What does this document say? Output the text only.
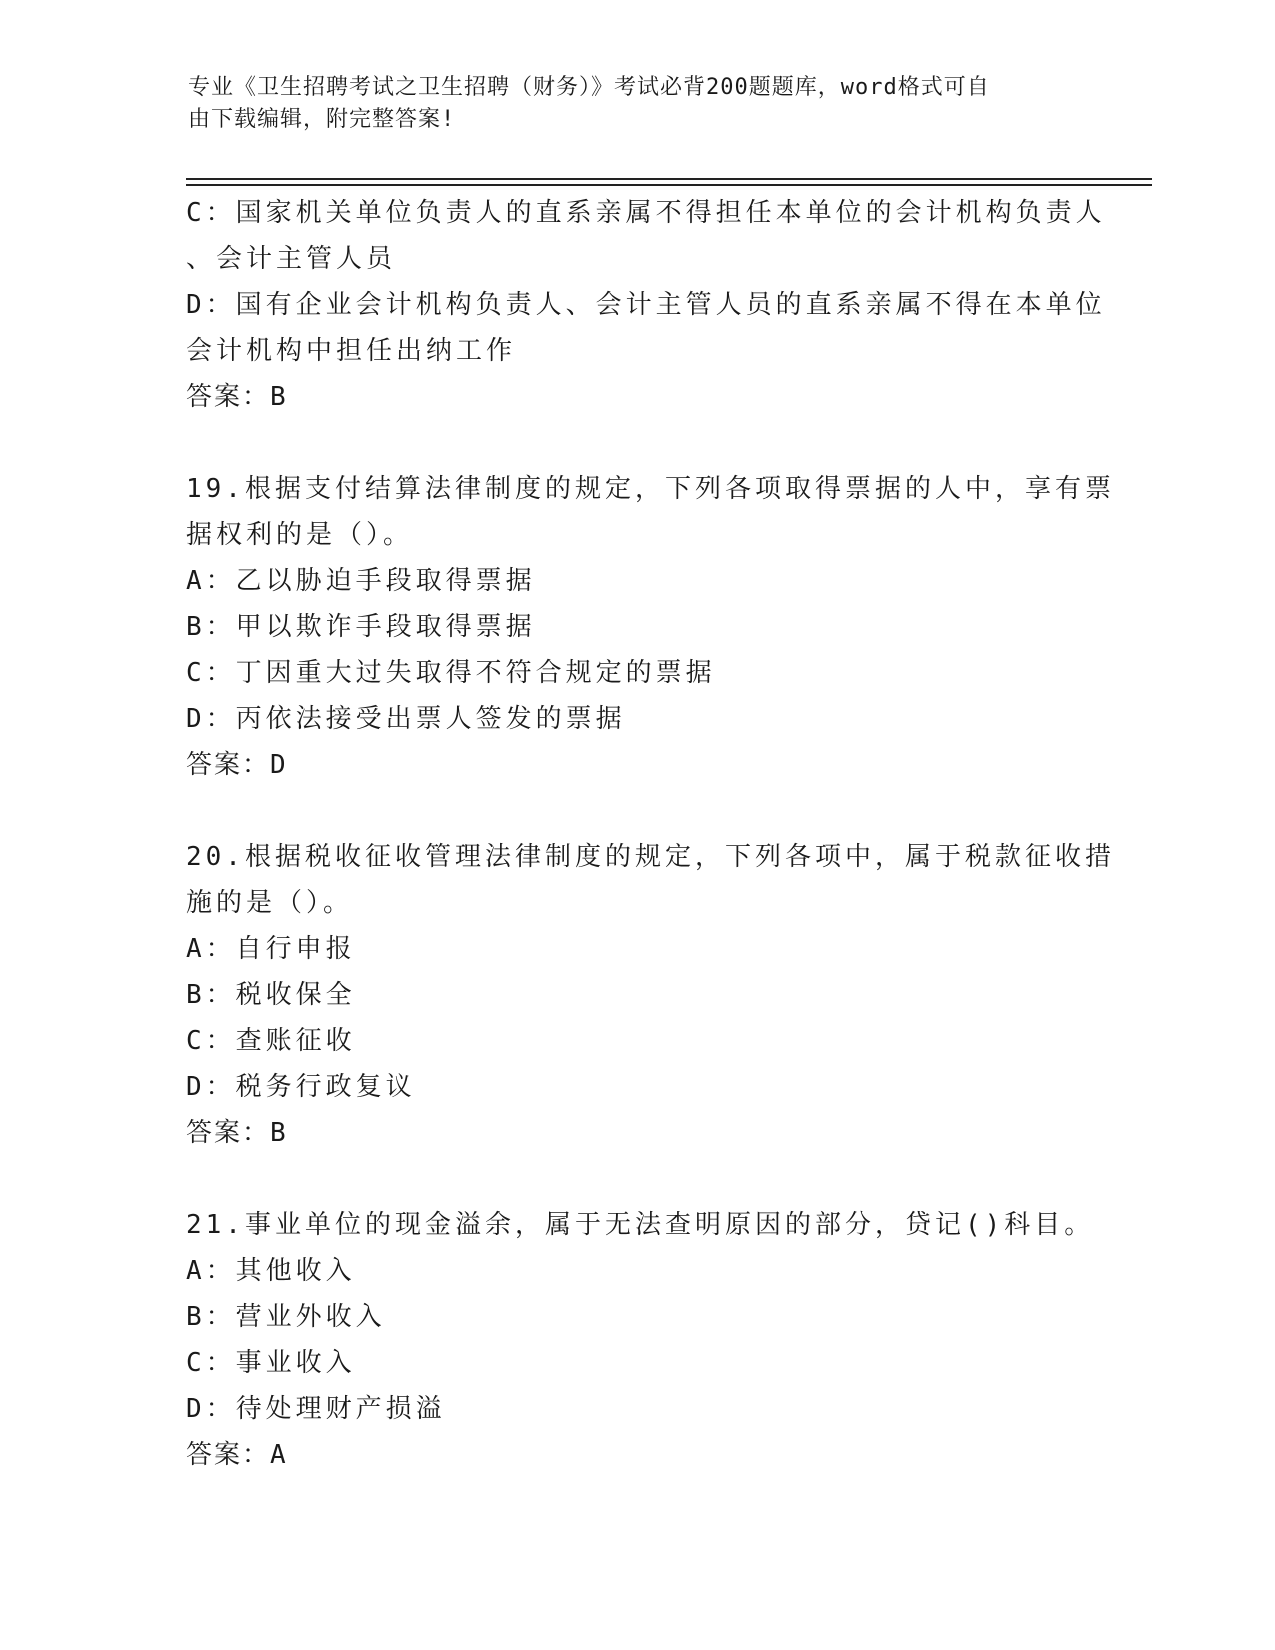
专业《卫生招聘考试之卫生招聘（财务）》考试必背200题题库，word格式可自
由下载编辑，附完整答案!
C：国家机关单位负责人的直系亲属不得担任本单位的会计机构负责人
、会计主管人员
D：国有企业会计机构负责人、会计主管人员的直系亲属不得在本单位
会计机构中担任出纳工作
答案：B
19.根据支付结算法律制度的规定，下列各项取得票据的人中，享有票
据权利的是（）。
A：乙以胁迫手段取得票据
B：甲以欺诈手段取得票据
C：丁因重大过失取得不符合规定的票据
D：丙依法接受出票人签发的票据
答案：D
20.根据税收征收管理法律制度的规定，下列各项中，属于税款征收措
施的是（）。
A：自行申报
B：税收保全
C：查账征收
D：税务行政复议
答案：B
21.事业单位的现金溢余，属于无法查明原因的部分，贷记()科目。
A：其他收入
B：营业外收入
C：事业收入
D：待处理财产损溢
答案：A
